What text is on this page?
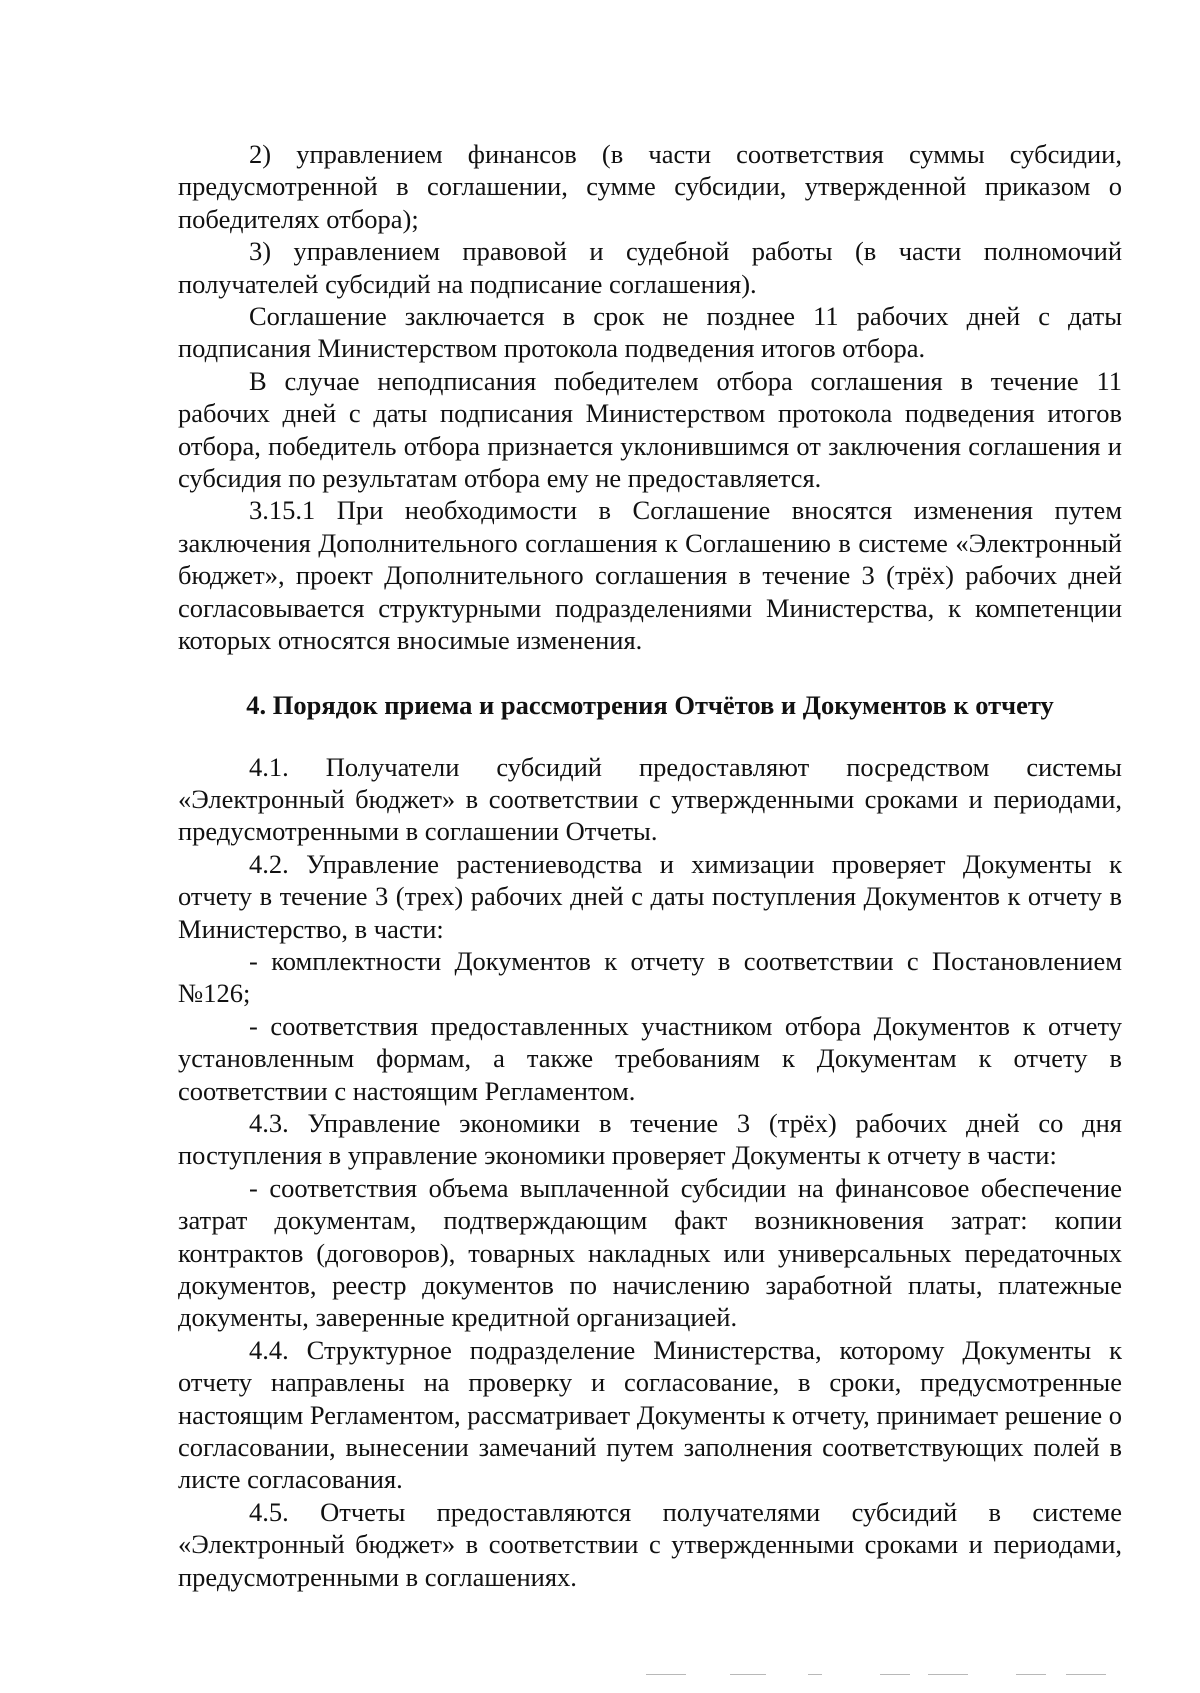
2) управлением финансов (в части соответствия суммы субсидии, предусмотренной в соглашении, сумме субсидии, утвержденной приказом о победителях отбора);

3) управлением правовой и судебной работы (в части полномочий получателей субсидий на подписание соглашения).

Соглашение заключается в срок не позднее 11 рабочих дней с даты подписания Министерством протокола подведения итогов отбора.

В случае неподписания победителем отбора соглашения в течение 11 рабочих дней с даты подписания Министерством протокола подведения итогов отбора, победитель отбора признается уклонившимся от заключения соглашения и субсидия по результатам отбора ему не предоставляется.

3.15.1 При необходимости в Соглашение вносятся изменения путем заключения Дополнительного соглашения к Соглашению в системе «Электронный бюджет», проект Дополнительного соглашения в течение 3 (трёх) рабочих дней согласовывается структурными подразделениями Министерства, к компетенции которых относятся вносимые изменения.

4. Порядок приема и рассмотрения Отчётов и Документов к отчету

4.1. Получатели субсидий предоставляют посредством системы «Электронный бюджет» в соответствии с утвержденными сроками и периодами, предусмотренными в соглашении Отчеты.

4.2. Управление растениеводства и химизации проверяет Документы к отчету в течение 3 (трех) рабочих дней с даты поступления Документов к отчету в Министерство, в части:

- комплектности Документов к отчету в соответствии с Постановлением №126;

- соответствия предоставленных участником отбора Документов к отчету установленным формам, а также требованиям к Документам к отчету в соответствии с настоящим Регламентом.

4.3. Управление экономики в течение 3 (трёх) рабочих дней со дня поступления в управление экономики проверяет Документы к отчету в части:

- соответствия объема выплаченной субсидии на финансовое обеспечение затрат документам, подтверждающим факт возникновения затрат: копии контрактов (договоров), товарных накладных или универсальных передаточных документов, реестр документов по начислению заработной платы, платежные документы, заверенные кредитной организацией.

4.4. Структурное подразделение Министерства, которому Документы к отчету направлены на проверку и согласование, в сроки, предусмотренные настоящим Регламентом, рассматривает Документы к отчету, принимает решение о согласовании, вынесении замечаний путем заполнения соответствующих полей в листе согласования.

4.5. Отчеты предоставляются получателями субсидий в системе «Электронный бюджет» в соответствии с утвержденными сроками и периодами, предусмотренными в соглашениях.
